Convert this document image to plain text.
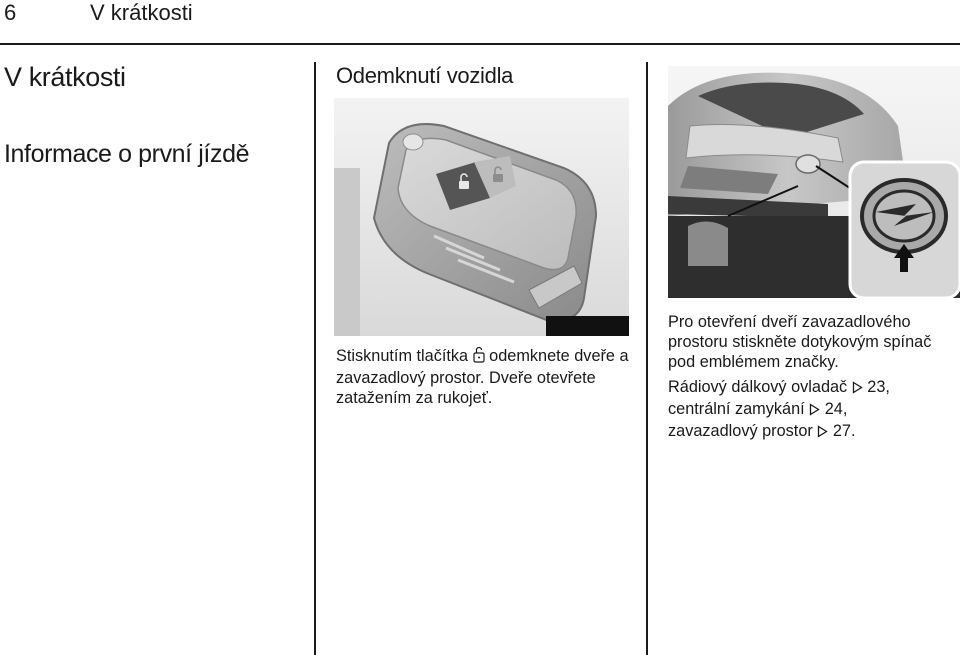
6	V krátkosti
V krátkosti
Informace o první jízdě
Odemknutí vozidla

Stisknutím tlačítka odemknete dveře a zavazadlový prostor. Dveře otevřete zatažením za rukojeť.

Pro otevření dveří zavazadlového prostoru stiskněte dotykovým spínač pod emblémem značky.

Rádiový dálkový ovladač 23,

centrální zamykání 24,

zavazadlový prostor 27.
